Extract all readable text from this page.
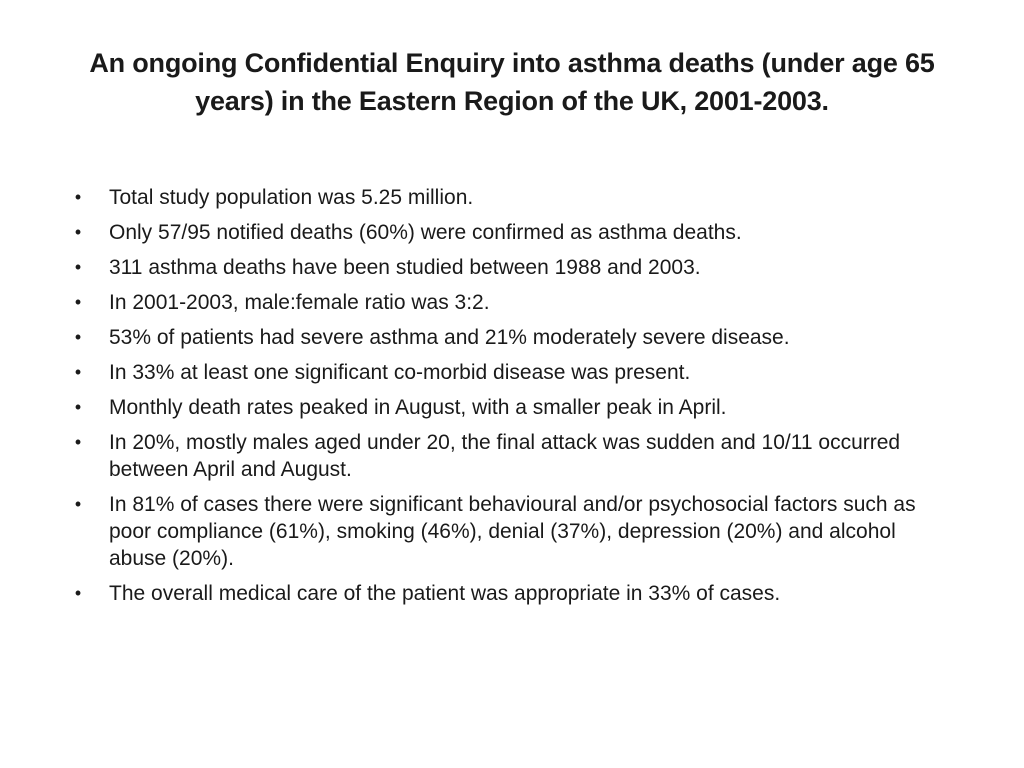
An ongoing Confidential Enquiry into asthma deaths (under age 65 years) in the Eastern Region of the UK, 2001-2003.
• Total study population was 5.25 million.
• Only 57/95 notified deaths (60%) were confirmed as asthma deaths.
• 311 asthma deaths have been studied between 1988 and 2003.
• In 2001-2003, male:female ratio was 3:2.
• 53% of patients had severe asthma and 21% moderately severe disease.
• In 33% at least one significant co-morbid disease was present.
• Monthly death rates peaked in August, with a smaller peak in April.
• In 20%, mostly males aged under 20, the final attack was sudden and 10/11 occurred between April and August.
• In 81% of cases there were significant behavioural and/or psychosocial factors such as poor compliance (61%), smoking (46%), denial (37%), depression (20%) and alcohol abuse (20%).
• The overall medical care of the patient was appropriate in 33% of cases.
